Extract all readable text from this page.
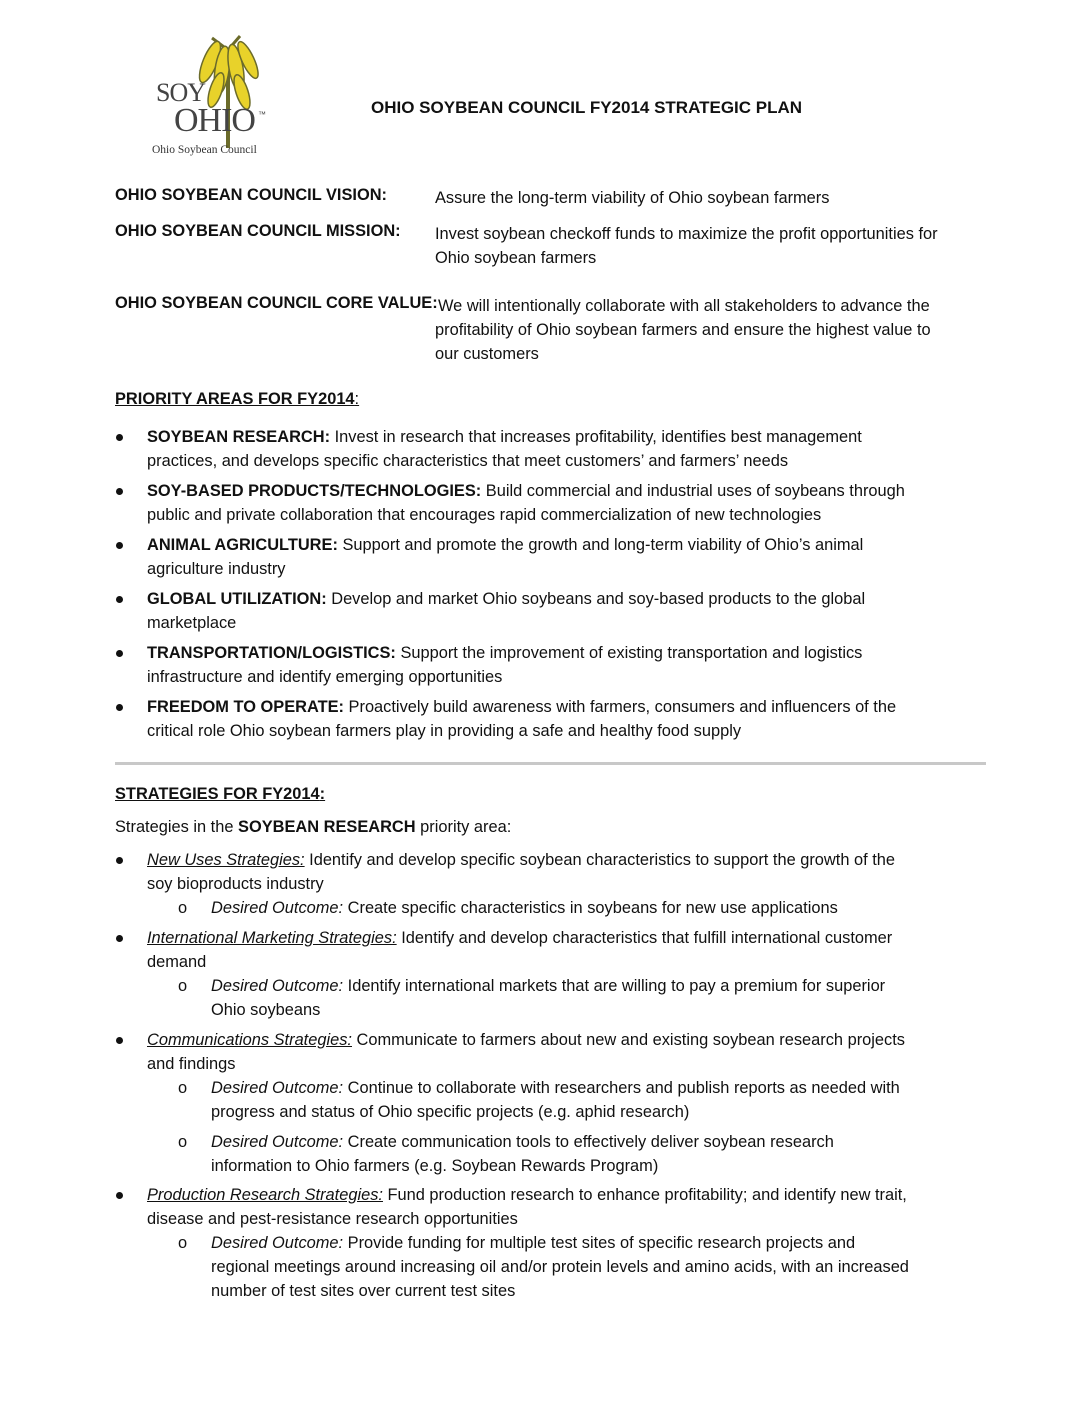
SOY
OHIO ™
Ohio Soybean Council
OHIO SOYBEAN COUNCIL FY2014 STRATEGIC PLAN
OHIO SOYBEAN COUNCIL VISION:	Assure the long-term viability of Ohio soybean farmers
OHIO SOYBEAN COUNCIL MISSION: Invest soybean checkoff funds to maximize the profit opportunities for
Ohio soybean farmers
OHIO SOYBEAN COUNCIL CORE VALUE: We will intentionally collaborate with all stakeholders to advance the
profitability of Ohio soybean farmers and ensure the highest value to
our customers
PRIORITY AREAS FOR FY2014:
SOYBEAN RESEARCH: Invest in research that increases profitability, identifies best management
practices, and develops specific characteristics that meet customers’ and farmers’ needs
SOY-BASED PRODUCTS/TECHNOLOGIES: Build commercial and industrial uses of soybeans through
public and private collaboration that encourages rapid commercialization of new technologies
ANIMAL AGRICULTURE: Support and promote the growth and long-term viability of Ohio’s animal
agriculture industry
GLOBAL UTILIZATION: Develop and market Ohio soybeans and soy-based products to the global
marketplace
TRANSPORTATION/LOGISTICS: Support the improvement of existing transportation and logistics
infrastructure and identify emerging opportunities
FREEDOM TO OPERATE: Proactively build awareness with farmers, consumers and influencers of the
critical role Ohio soybean farmers play in providing a safe and healthy food supply
STRATEGIES FOR FY2014:
Strategies in the SOYBEAN RESEARCH priority area:
New Uses Strategies: Identify and develop specific soybean characteristics to support the growth of the
soy bioproducts industry
o Desired Outcome: Create specific characteristics in soybeans for new use applications
International Marketing Strategies: Identify and develop characteristics that fulfill international customer
demand
o Desired Outcome: Identify international markets that are willing to pay a premium for superior
Ohio soybeans
Communications Strategies: Communicate to farmers about new and existing soybean research projects
and findings
o Desired Outcome: Continue to collaborate with researchers and publish reports as needed with
progress and status of Ohio specific projects (e.g. aphid research)
o Desired Outcome: Create communication tools to effectively deliver soybean research
information to Ohio farmers (e.g. Soybean Rewards Program)
Production Research Strategies: Fund production research to enhance profitability; and identify new trait,
disease and pest-resistance research opportunities
o Desired Outcome: Provide funding for multiple test sites of specific research projects and
regional meetings around increasing oil and/or protein levels and amino acids, with an increased
number of test sites over current test sites
